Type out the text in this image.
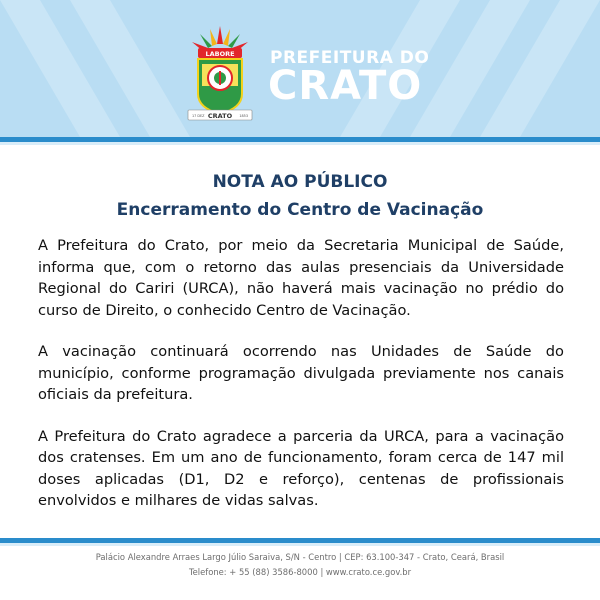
LABORE
17 DEZ CRATO 1853
PREFEITURA DO
CRATO
NOTA AO PÚBLICO
Encerramento do Centro de Vacinação

A Prefeitura do Crato, por meio da Secretaria Municipal de Saúde, informa que, com o retorno das aulas presenciais da Universidade Regional do Cariri (URCA), não haverá mais vacinação no prédio do curso de Direito, o conhecido Centro de Vacinação.

A vacinação continuará ocorrendo nas Unidades de Saúde do município, conforme programação divulgada previamente nos canais oficiais da prefeitura.

A Prefeitura do Crato agradece a parceria da URCA, para a vacinação dos cratenses. Em um ano de funcionamento, foram cerca de 147 mil doses aplicadas (D1, D2 e reforço), centenas de profissionais envolvidos e milhares de vidas salvas.

Palácio Alexandre Arraes Largo Júlio Saraiva, S/N - Centro | CEP: 63.100-347 - Crato, Ceará, Brasil
Telefone: + 55 (88) 3586-8000 | www.crato.ce.gov.br
